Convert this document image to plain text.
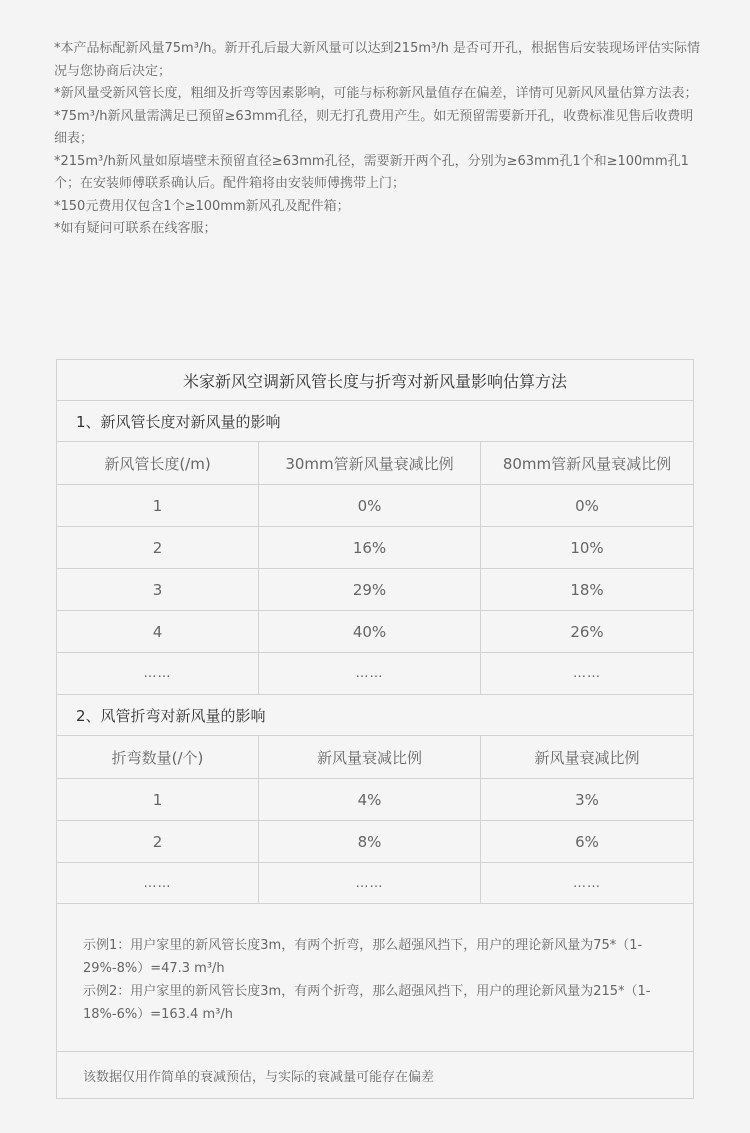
*本产品标配新风量75m³/h。新开孔后最大新风量可以达到215m³/h 是否可开孔，根据售后安装现场评估实际情况与您协商后决定；

*新风量受新风管长度，粗细及折弯等因素影响，可能与标称新风量值存在偏差，详情可见新风风量估算方法表；

*75m³/h新风量需满足已预留≥63mm孔径，则无打孔费用产生。如无预留需要新开孔，收费标准见售后收费明细表；

*215m³/h新风量如原墙壁未预留直径≥63mm孔径，需要新开两个孔，分别为≥63mm孔1个和≥100mm孔1个；在安装师傅联系确认后。配件箱将由安装师傅携带上门；

*150元费用仅包含1个≥100mm新风孔及配件箱；

*如有疑问可联系在线客服；

米家新风空调新风管长度与折弯对新风量影响估算方法
1、新风管长度对新风量的影响
新风管长度(/m)	30mm管新风量衰减比例	80mm管新风量衰减比例
1	0%	0%
2	16%	10%
3	29%	18%
4	40%	26%
……	……	……
2、风管折弯对新风量的影响
折弯数量(/个)	新风量衰减比例	新风量衰减比例
1	4%	3%
2	8%	6%
……	……	……

示例1：用户家里的新风管长度3m，有两个折弯，那么超强风挡下，用户的理论新风量为75*（1-29%-8%）=47.3 m³/h

示例2：用户家里的新风管长度3m，有两个折弯，那么超强风挡下，用户的理论新风量为215*（1-18%-6%）=163.4 m³/h

该数据仅用作简单的衰减预估，与实际的衰减量可能存在偏差
